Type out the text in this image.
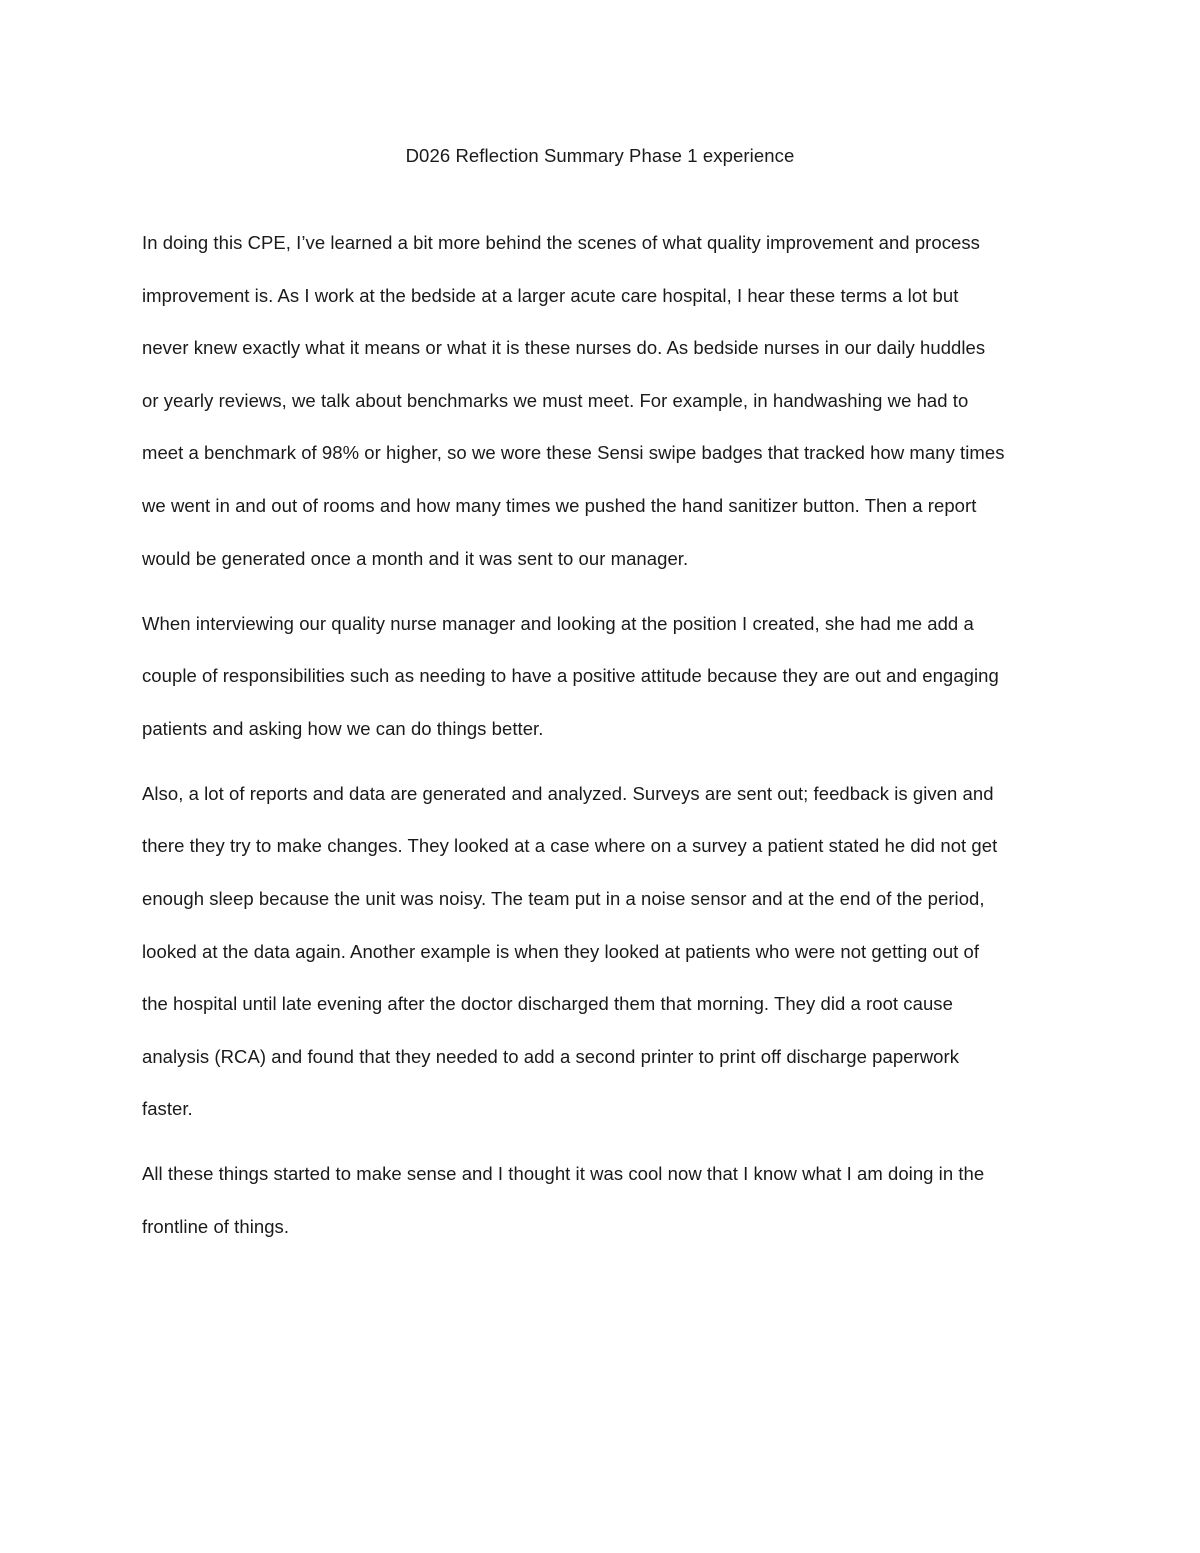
D026 Reflection Summary Phase 1 experience
In doing this CPE, I’ve learned a bit more behind the scenes of what quality improvement and process
improvement is. As I work at the bedside at a larger acute care hospital, I hear these terms a lot but
never knew exactly what it means or what it is these nurses do. As bedside nurses in our daily huddles
or yearly reviews, we talk about benchmarks we must meet. For example, in handwashing we had to
meet a benchmark of 98% or higher, so we wore these Sensi swipe badges that tracked how many times
we went in and out of rooms and how many times we pushed the hand sanitizer button. Then a report
would be generated once a month and it was sent to our manager.
When interviewing our quality nurse manager and looking at the position I created, she had me add a
couple of responsibilities such as needing to have a positive attitude because they are out and engaging
patients and asking how we can do things better.
Also, a lot of reports and data are generated and analyzed. Surveys are sent out; feedback is given and
there they try to make changes. They looked at a case where on a survey a patient stated he did not get
enough sleep because the unit was noisy. The team put in a noise sensor and at the end of the period,
looked at the data again. Another example is when they looked at patients who were not getting out of
the hospital until late evening after the doctor discharged them that morning. They did a root cause
analysis (RCA) and found that they needed to add a second printer to print off discharge paperwork
faster.
All these things started to make sense and I thought it was cool now that I know what I am doing in the
frontline of things.
